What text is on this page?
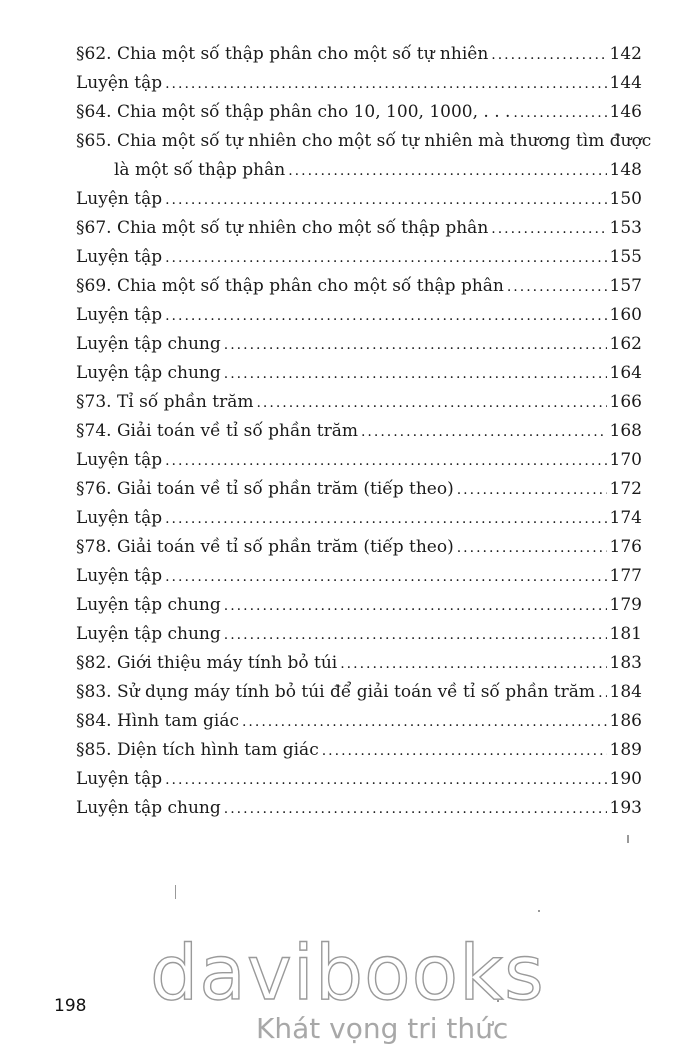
§62. Chia một số thập phân cho một số tự nhiên .....	142
Luyện tập .....	144
§64. Chia một số thập phân cho 10, 100, 1000, . . . .....	146
§65. Chia một số tự nhiên cho một số tự nhiên mà thương tìm được
là một số thập phân .....	148
Luyện tập .....	150
§67. Chia một số tự nhiên cho một số thập phân .....	153
Luyện tập .....	155
§69. Chia một số thập phân cho một số thập phân .....	157
Luyện tập .....	160
Luyện tập chung .....	162
Luyện tập chung .....	164
§73. Tỉ số phần trăm .....	166
§74. Giải toán về tỉ số phần trăm .....	168
Luyện tập .....	170
§76. Giải toán về tỉ số phần trăm (tiếp theo) .....	172
Luyện tập .....	174
§78. Giải toán về tỉ số phần trăm (tiếp theo) .....	176
Luyện tập .....	177
Luyện tập chung .....	179
Luyện tập chung .....	181
§82. Giới thiệu máy tính bỏ túi .....	183
§83. Sử dụng máy tính bỏ túi để giải toán về tỉ số phần trăm ..... 184
§84. Hình tam giác .....	186
§85. Diện tích hình tam giác .....	189
Luyện tập .....	190
Luyện tập chung .....	193
198 davibooks
Khát vọng tri thức
